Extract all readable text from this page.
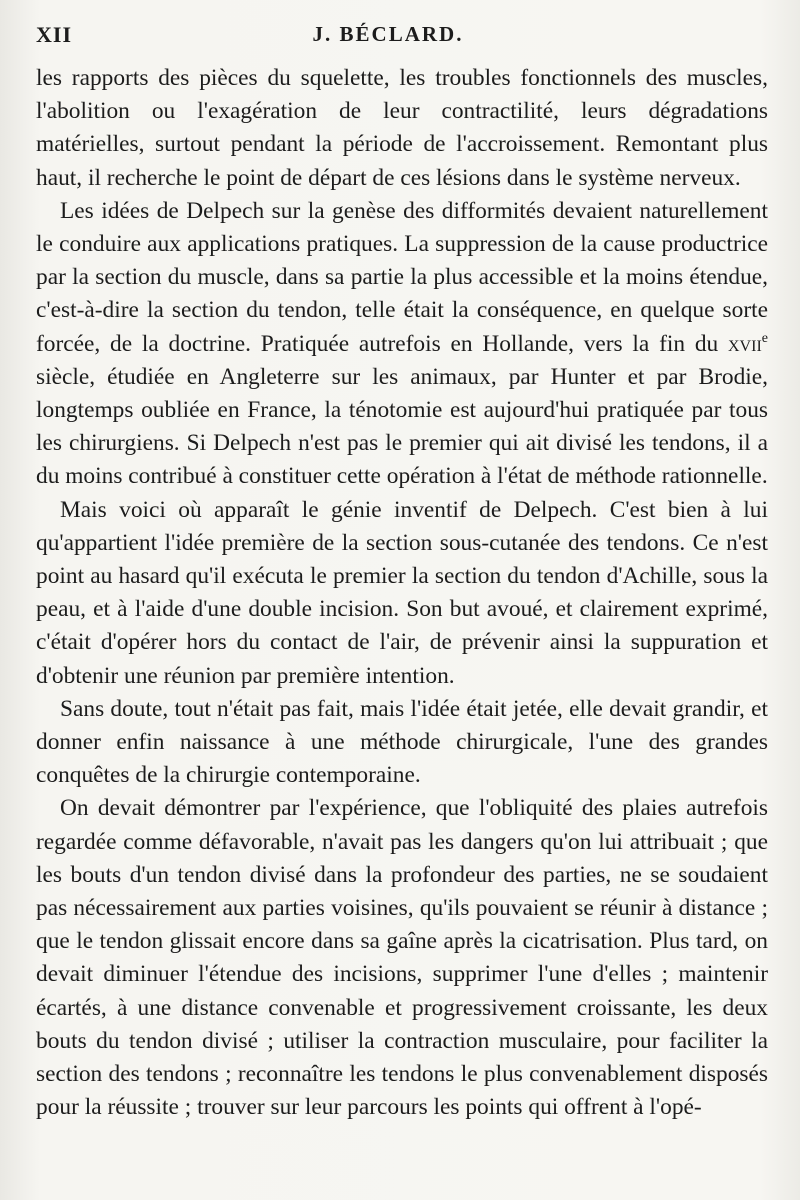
XII	J. BÉCLARD.

les rapports des pièces du squelette, les troubles fonctionnels des muscles, l'abolition ou l'exagération de leur contractilité, leurs dégradations matérielles, surtout pendant la période de l'accroissement. Remontant plus haut, il recherche le point de départ de ces lésions dans le système nerveux.

Les idées de Delpech sur la genèse des difformités devaient naturellement le conduire aux applications pratiques. La suppression de la cause productrice par la section du muscle, dans sa partie la plus accessible et la moins étendue, c'est-à-dire la section du tendon, telle était la conséquence, en quelque sorte forcée, de la doctrine. Pratiquée autrefois en Hollande, vers la fin du xvii$^e$ siècle, étudiée en Angleterre sur les animaux, par Hunter et par Brodie, longtemps oubliée en France, la ténotomie est aujourd'hui pratiquée par tous les chirurgiens. Si Delpech n'est pas le premier qui ait divisé les tendons, il a du moins contribué à constituer cette opération à l'état de méthode rationnelle.

Mais voici où apparaît le génie inventif de Delpech. C'est bien à lui qu'appartient l'idée première de la section sous-cutanée des tendons. Ce n'est point au hasard qu'il exécuta le premier la section du tendon d'Achille, sous la peau, et à l'aide d'une double incision. Son but avoué, et clairement exprimé, c'était d'opérer hors du contact de l'air, de prévenir ainsi la suppuration et d'obtenir une réunion par première intention.

Sans doute, tout n'était pas fait, mais l'idée était jetée, elle devait grandir, et donner enfin naissance à une méthode chirurgicale, l'une des grandes conquêtes de la chirurgie contemporaine.

On devait démontrer par l'expérience, que l'obliquité des plaies autrefois regardée comme défavorable, n'avait pas les dangers qu'on lui attribuait ; que les bouts d'un tendon divisé dans la profondeur des parties, ne se soudaient pas nécessairement aux parties voisines, qu'ils pouvaient se réunir à distance ; que le tendon glissait encore dans sa gaîne après la cicatrisation. Plus tard, on devait diminuer l'étendue des incisions, supprimer l'une d'elles ; maintenir écartés, à une distance convenable et progressivement croissante, les deux bouts du tendon divisé ; utiliser la contraction musculaire, pour faciliter la section des tendons ; reconnaître les tendons le plus convenablement disposés pour la réussite ; trouver sur leur parcours les points qui offrent à l'opé-
